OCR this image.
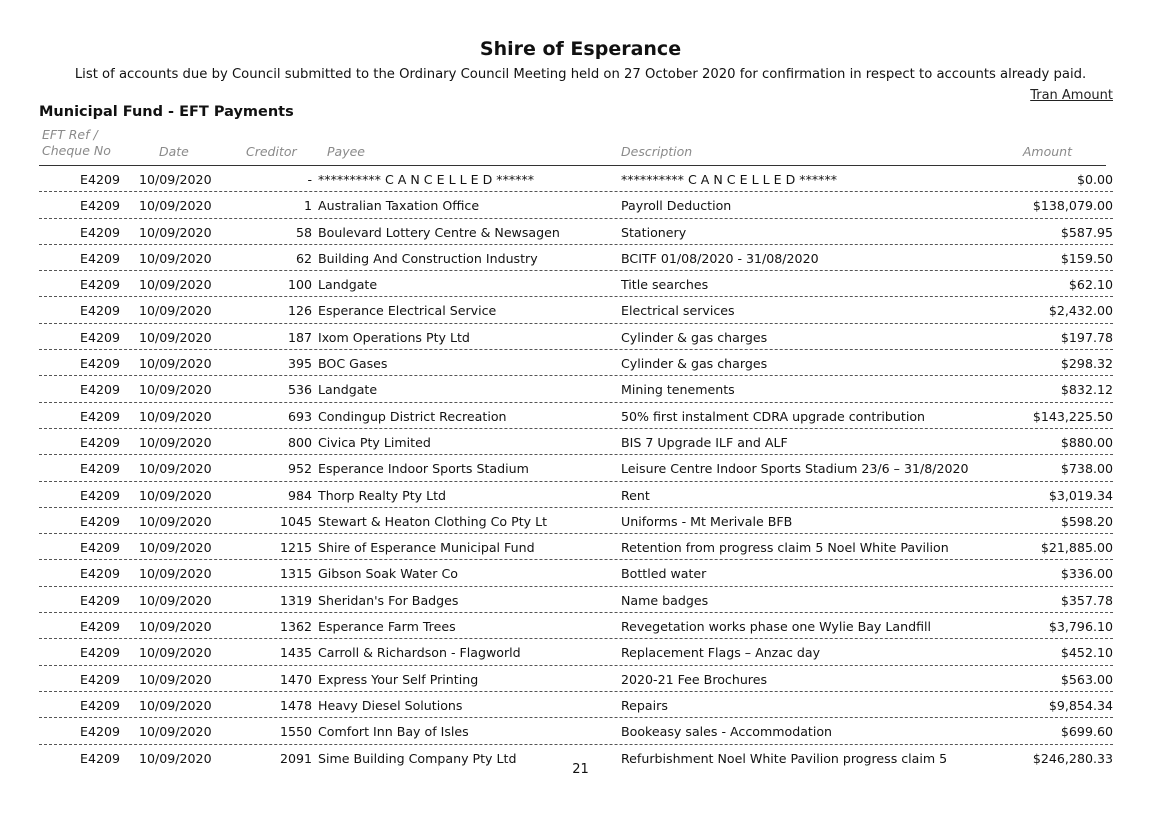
Shire of Esperance
List of accounts due by Council submitted to the Ordinary Council Meeting held on 27 October 2020 for confirmation in respect to accounts already paid.
Tran Amount
Municipal Fund - EFT Payments
EFT Ref /
Cheque No	Date	Creditor Payee	Description	Amount
E4209 10/09/2020	- ********** C A N C E L L E D ******	********** C A N C E L L E D ******	$0.00
E4209 10/09/2020	1 Australian Taxation Office	Payroll Deduction	$138,079.00
E4209 10/09/2020	58 Boulevard Lottery Centre & Newsagen	Stationery	$587.95
E4209 10/09/2020	62 Building And Construction Industry	BCITF 01/08/2020 - 31/08/2020	$159.50
E4209 10/09/2020	100 Landgate	Title searches	$62.10
E4209 10/09/2020	126 Esperance Electrical Service	Electrical services	$2,432.00
E4209 10/09/2020	187 Ixom Operations Pty Ltd	Cylinder & gas charges	$197.78
E4209 10/09/2020	395 BOC Gases	Cylinder & gas charges	$298.32
E4209 10/09/2020	536 Landgate	Mining tenements	$832.12
E4209 10/09/2020	693 Condingup District Recreation	50% first instalment CDRA upgrade contribution	$143,225.50
E4209 10/09/2020	800 Civica Pty Limited	BIS 7 Upgrade ILF and ALF	$880.00
E4209 10/09/2020	952 Esperance Indoor Sports Stadium	Leisure Centre Indoor Sports Stadium 23/6 – 31/8/2020	$738.00
E4209 10/09/2020	984 Thorp Realty Pty Ltd	Rent	$3,019.34
E4209 10/09/2020	1045 Stewart & Heaton Clothing Co Pty Lt	Uniforms - Mt Merivale BFB	$598.20
E4209 10/09/2020	1215 Shire of Esperance Municipal Fund	Retention from progress claim 5 Noel White Pavilion	$21,885.00
E4209 10/09/2020	1315 Gibson Soak Water Co	Bottled water	$336.00
E4209 10/09/2020	1319 Sheridan's For Badges	Name badges	$357.78
E4209 10/09/2020	1362 Esperance Farm Trees	Revegetation works phase one Wylie Bay Landfill	$3,796.10
E4209 10/09/2020	1435 Carroll & Richardson - Flagworld	Replacement Flags – Anzac day	$452.10
E4209 10/09/2020	1470 Express Your Self Printing	2020-21 Fee Brochures	$563.00
E4209 10/09/2020	1478 Heavy Diesel Solutions	Repairs	$9,854.34
E4209 10/09/2020	1550 Comfort Inn Bay of Isles	Bookeasy sales - Accommodation	$699.60
E4209 10/09/2020	2091 Sime Building Company Pty Ltd	Refurbishment Noel White Pavilion progress claim 5	$246,280.33
21
